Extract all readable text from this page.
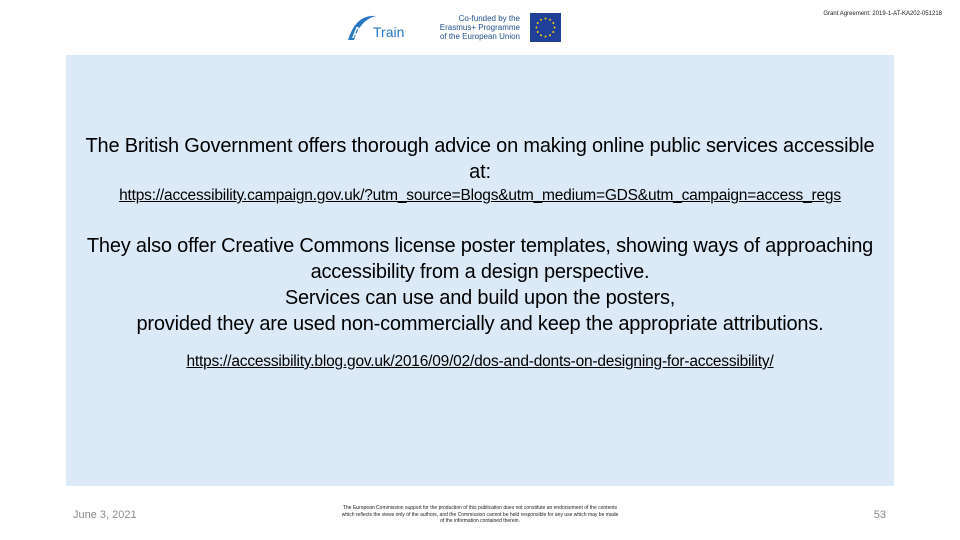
Au Train
Co-funded by the
Erasmus+ Programme
of the European Union
Grant Agreement: 2019-1-AT-KA202-051218
The British Government offers thorough advice on making online public services accessible
at:
https://accessibility.campaign.gov.uk/?utm_source=Blogs&utm_medium=GDS&utm_campaign=access_regs
They also offer Creative Commons license poster templates, showing ways of approaching
accessibility from a design perspective.
Services can use and build upon the posters,
provided they are used non-commercially and keep the appropriate attributions.
https://accessibility.blog.gov.uk/2016/09/02/dos-and-donts-on-designing-for-accessibility/
June 3, 2021
The European Commission support for the production of this publication does not constitute an endorsement of the contents
which reflects the views only of the authors, and the Commission cannot be held responsible for any use which may be made
of the information contained therein.	53
